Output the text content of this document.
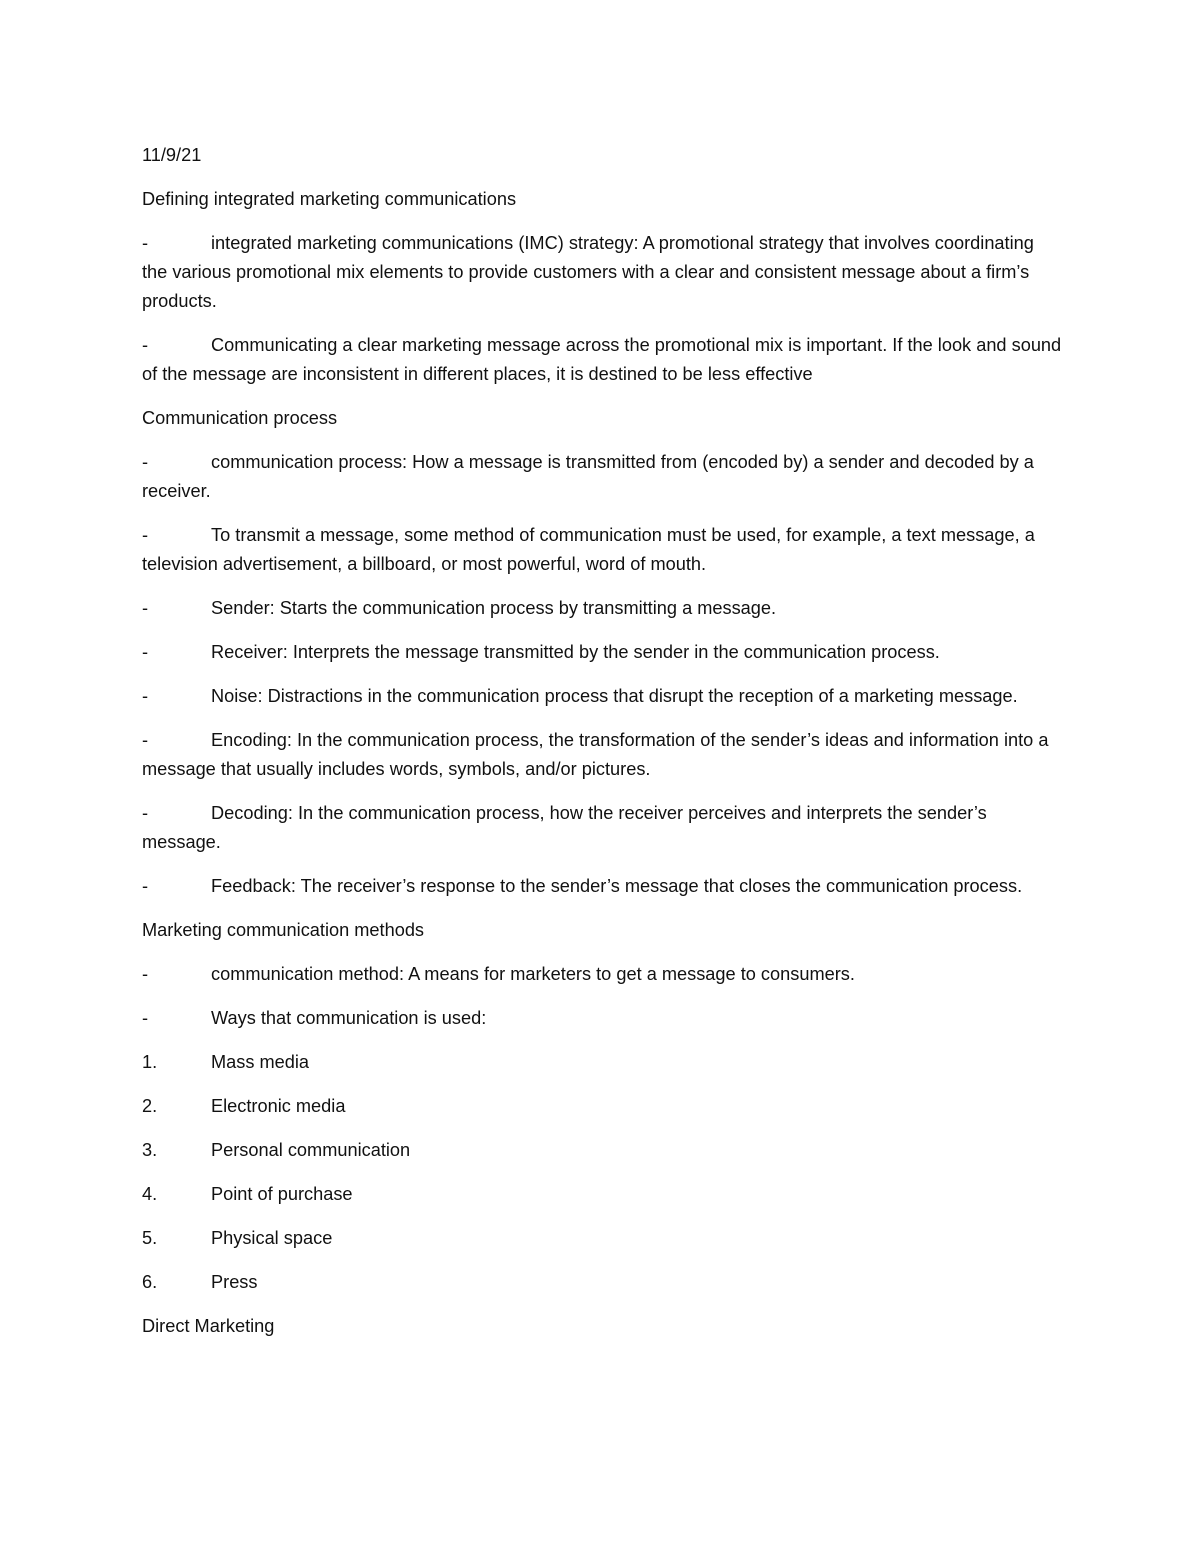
11/9/21

Defining integrated marketing communications

-	integrated marketing communications (IMC) strategy: A promotional strategy that involves coordinating the various promotional mix elements to provide customers with a clear and consistent message about a firm’s products.

-	Communicating a clear marketing message across the promotional mix is important. If the look and sound of the message are inconsistent in different places, it is destined to be less effective

Communication process

-	communication process: How a message is transmitted from (encoded by) a sender and decoded by a receiver.

-	To transmit a message, some method of communication must be used, for example, a text message, a television advertisement, a billboard, or most powerful, word of mouth.

-	Sender: Starts the communication process by transmitting a message.

-	Receiver: Interprets the message transmitted by the sender in the communication process.

-	Noise: Distractions in the communication process that disrupt the reception of a marketing message.

-	Encoding: In the communication process, the transformation of the sender’s ideas and information into a message that usually includes words, symbols, and/or pictures.

-	Decoding: In the communication process, how the receiver perceives and interprets the sender’s message.

-	Feedback: The receiver’s response to the sender’s message that closes the communication process.

Marketing communication methods

-	communication method: A means for marketers to get a message to consumers.

-	Ways that communication is used:

1.	Mass media

2.	Electronic media

3.	Personal communication

4.	Point of purchase

5.	Physical space

6.	Press

Direct Marketing
